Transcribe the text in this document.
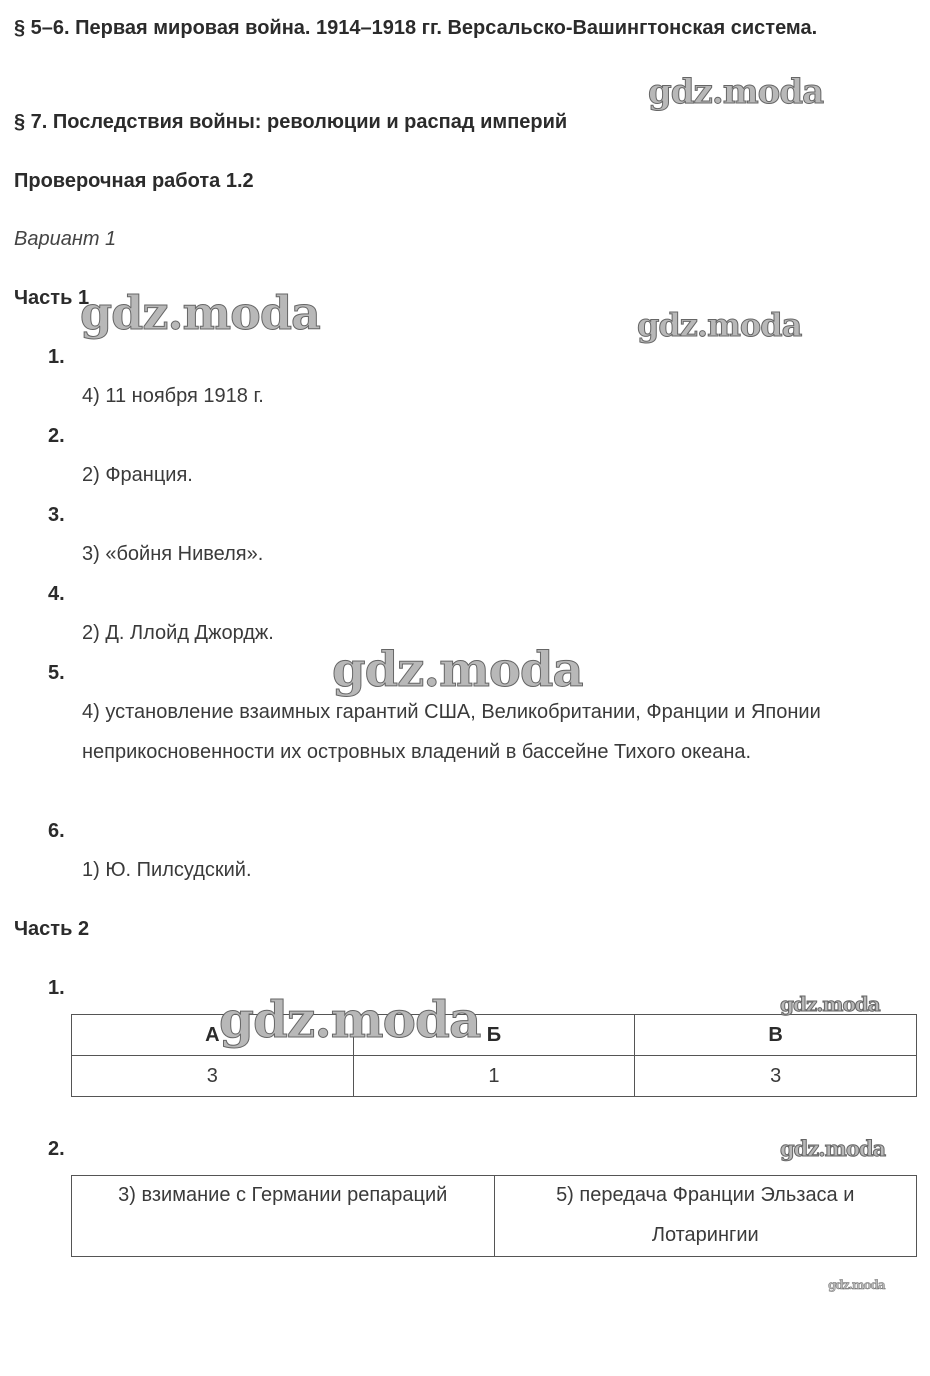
§ 5–6. Первая мировая война. 1914–1918 гг. Версальско-Вашингтонская система.
§ 7. Последствия войны: революции и распад империй
Проверочная работа 1.2
Вариант 1
Часть 1
1.
4) 11 ноября 1918 г.
2.
2) Франция.
3.
3) «бойня Нивеля».
4.
2) Д. Ллойд Джордж.
5.
4) установление взаимных гарантий США, Великобритании, Франции и Японии неприкосновенности их островных владений в бассейне Тихого океана.
6.
1) Ю. Пилсудский.
Часть 2
1.
А	Б	В
3	1	3
2.
3) взимание с Германии репараций	5) передача Франции Эльзаса и Лотарингии
gdz.moda
gdz.moda	gdz.moda
gdz.moda
gdz.moda	gdz.moda
gdz.moda
gdz.moda
